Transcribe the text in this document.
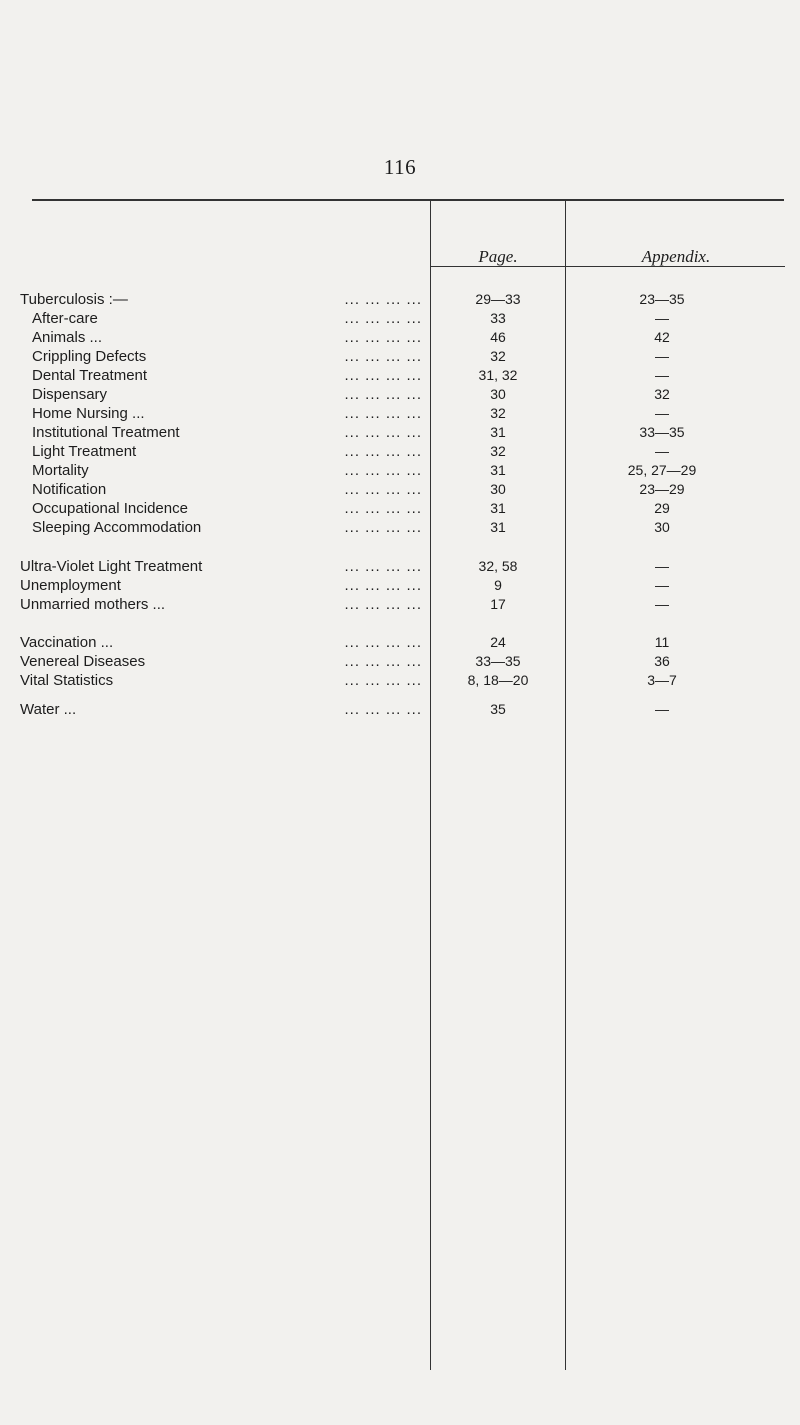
116
Page.	Appendix.
Tuberculosis :—	... ... ... ...	29—33	23—35
After-care	... ... ... ...	33	—
Animals ...	... ... ... ...	46	42
Crippling Defects	... ... ... ...	32	—
Dental Treatment	... ... ... ...	31, 32	—
Dispensary	... ... ... ...	30	32
Home Nursing ...	... ... ... ...	32	—
Institutional Treatment	... ... ... ...	31	33—35
Light Treatment	... ... ... ...	32	—
Mortality	... ... ... ...	31	25, 27—29
Notification	... ... ... ...	30	23—29
Occupational Incidence	... ... ... ...	31	29
Sleeping Accommodation	... ... ... ...	31	30
Ultra-Violet Light Treatment	... ... ... ...	32, 58	—
Unemployment	... ... ... ...	9	—
Unmarried mothers ...	... ... ... ...	17	—
Vaccination ...	... ... ... ...	24	11
Venereal Diseases	... ... ... ...	33—35	36
Vital Statistics	... ... ... ...	8, 18—20	3—7
Water ...	... ... ... ...	35	—
